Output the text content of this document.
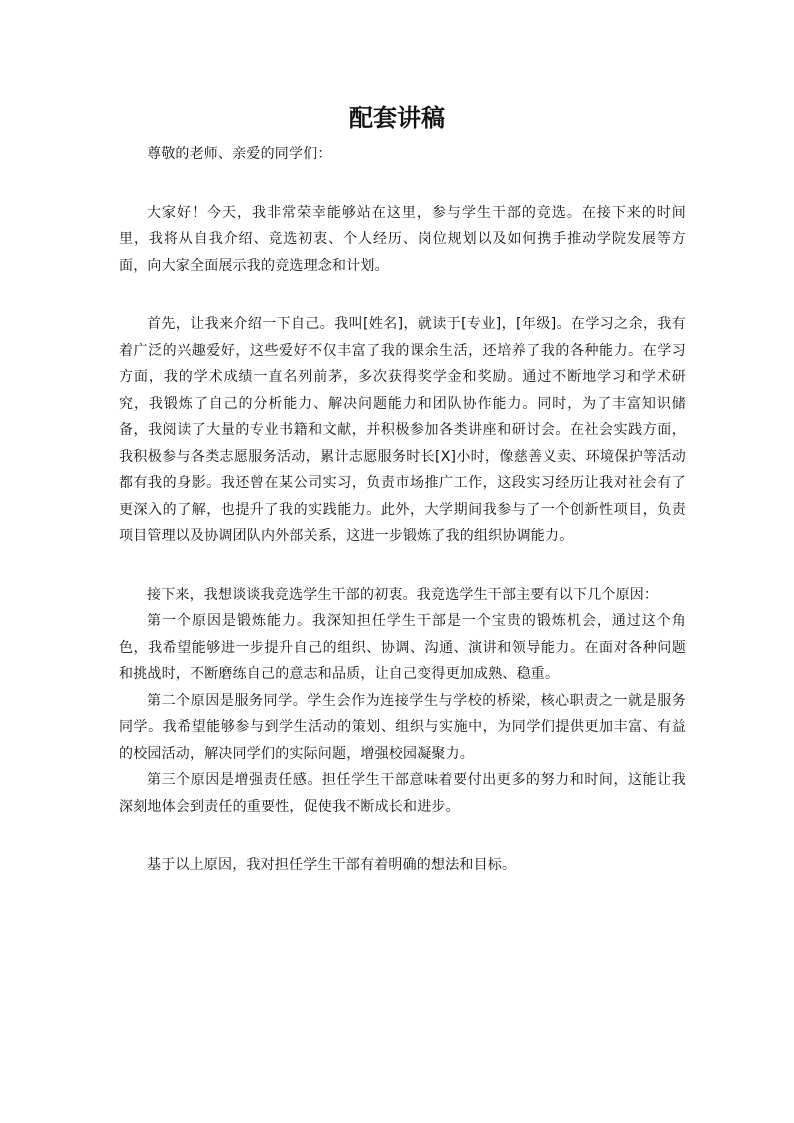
配套讲稿

尊敬的老师、亲爱的同学们：

大家好！今天，我非常荣幸能够站在这里，参与学生干部的竞选。在接下来的时间里，我将从自我介绍、竞选初衷、个人经历、岗位规划以及如何携手推动学院发展等方面，向大家全面展示我的竞选理念和计划。

首先，让我来介绍一下自己。我叫[姓名]，就读于[专业]，[年级]。在学习之余，我有着广泛的兴趣爱好，这些爱好不仅丰富了我的课余生活，还培养了我的各种能力。在学习方面，我的学术成绩一直名列前茅，多次获得奖学金和奖励。通过不断地学习和学术研究，我锻炼了自己的分析能力、解决问题能力和团队协作能力。同时，为了丰富知识储备，我阅读了大量的专业书籍和文献，并积极参加各类讲座和研讨会。在社会实践方面，我积极参与各类志愿服务活动，累计志愿服务时长[X]小时，像慈善义卖、环境保护等活动都有我的身影。我还曾在某公司实习，负责市场推广工作，这段实习经历让我对社会有了更深入的了解，也提升了我的实践能力。此外，大学期间我参与了一个创新性项目，负责项目管理以及协调团队内外部关系，这进一步锻炼了我的组织协调能力。

接下来，我想谈谈我竞选学生干部的初衷。我竞选学生干部主要有以下几个原因：

第一个原因是锻炼能力。我深知担任学生干部是一个宝贵的锻炼机会，通过这个角色，我希望能够进一步提升自己的组织、协调、沟通、演讲和领导能力。在面对各种问题和挑战时，不断磨练自己的意志和品质，让自己变得更加成熟、稳重。

第二个原因是服务同学。学生会作为连接学生与学校的桥梁，核心职责之一就是服务同学。我希望能够参与到学生活动的策划、组织与实施中，为同学们提供更加丰富、有益的校园活动，解决同学们的实际问题，增强校园凝聚力。

第三个原因是增强责任感。担任学生干部意味着要付出更多的努力和时间，这能让我深刻地体会到责任的重要性，促使我不断成长和进步。

基于以上原因，我对担任学生干部有着明确的想法和目标。
